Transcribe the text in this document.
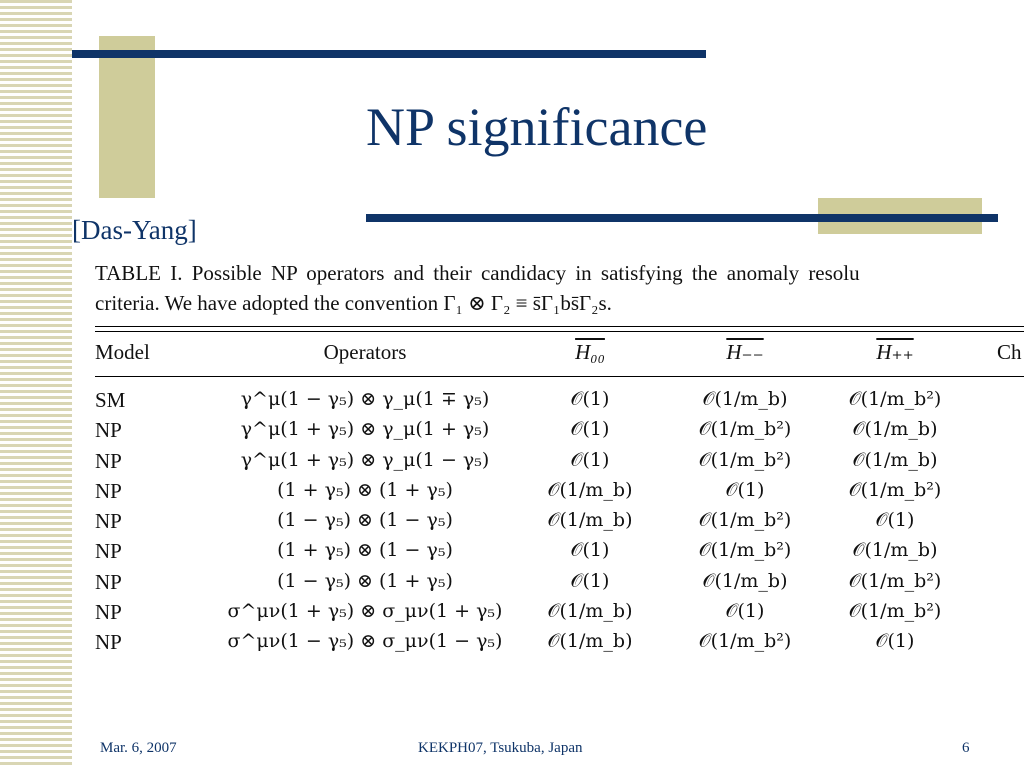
NP significance
[Das-Yang]
TABLE I. Possible NP operators and their candidacy in satisfying the anomaly resolu
criteria. We have adopted the convention Γ₁ ⊗ Γ₂ ≡ s̄Γ₁bs̄Γ₂s.
Model	Operators	H₀₀	H₋₋	H₊₊	Ch
SM	γ^μ(1 − γ₅) ⊗ γ_μ(1 ∓ γ₅)	𝒪(1)	𝒪(1/m_b)	𝒪(1/m_b²)
NP	γ^μ(1 + γ₅) ⊗ γ_μ(1 + γ₅)	𝒪(1)	𝒪(1/m_b²)	𝒪(1/m_b)
NP	γ^μ(1 + γ₅) ⊗ γ_μ(1 − γ₅)	𝒪(1)	𝒪(1/m_b²)	𝒪(1/m_b)
NP	(1 + γ₅) ⊗ (1 + γ₅)	𝒪(1/m_b)	𝒪(1)	𝒪(1/m_b²)
NP	(1 − γ₅) ⊗ (1 − γ₅)	𝒪(1/m_b)	𝒪(1/m_b²)	𝒪(1)
NP	(1 + γ₅) ⊗ (1 − γ₅)	𝒪(1)	𝒪(1/m_b²)	𝒪(1/m_b)
NP	(1 − γ₅) ⊗ (1 + γ₅)	𝒪(1)	𝒪(1/m_b)	𝒪(1/m_b²)
NP	σ^μν(1 + γ₅) ⊗ σ_μν(1 + γ₅)	𝒪(1/m_b)	𝒪(1)	𝒪(1/m_b²)
NP	σ^μν(1 − γ₅) ⊗ σ_μν(1 − γ₅)	𝒪(1/m_b)	𝒪(1/m_b²)	𝒪(1)
Mar. 6, 2007	KEKPH07, Tsukuba, Japan	6
